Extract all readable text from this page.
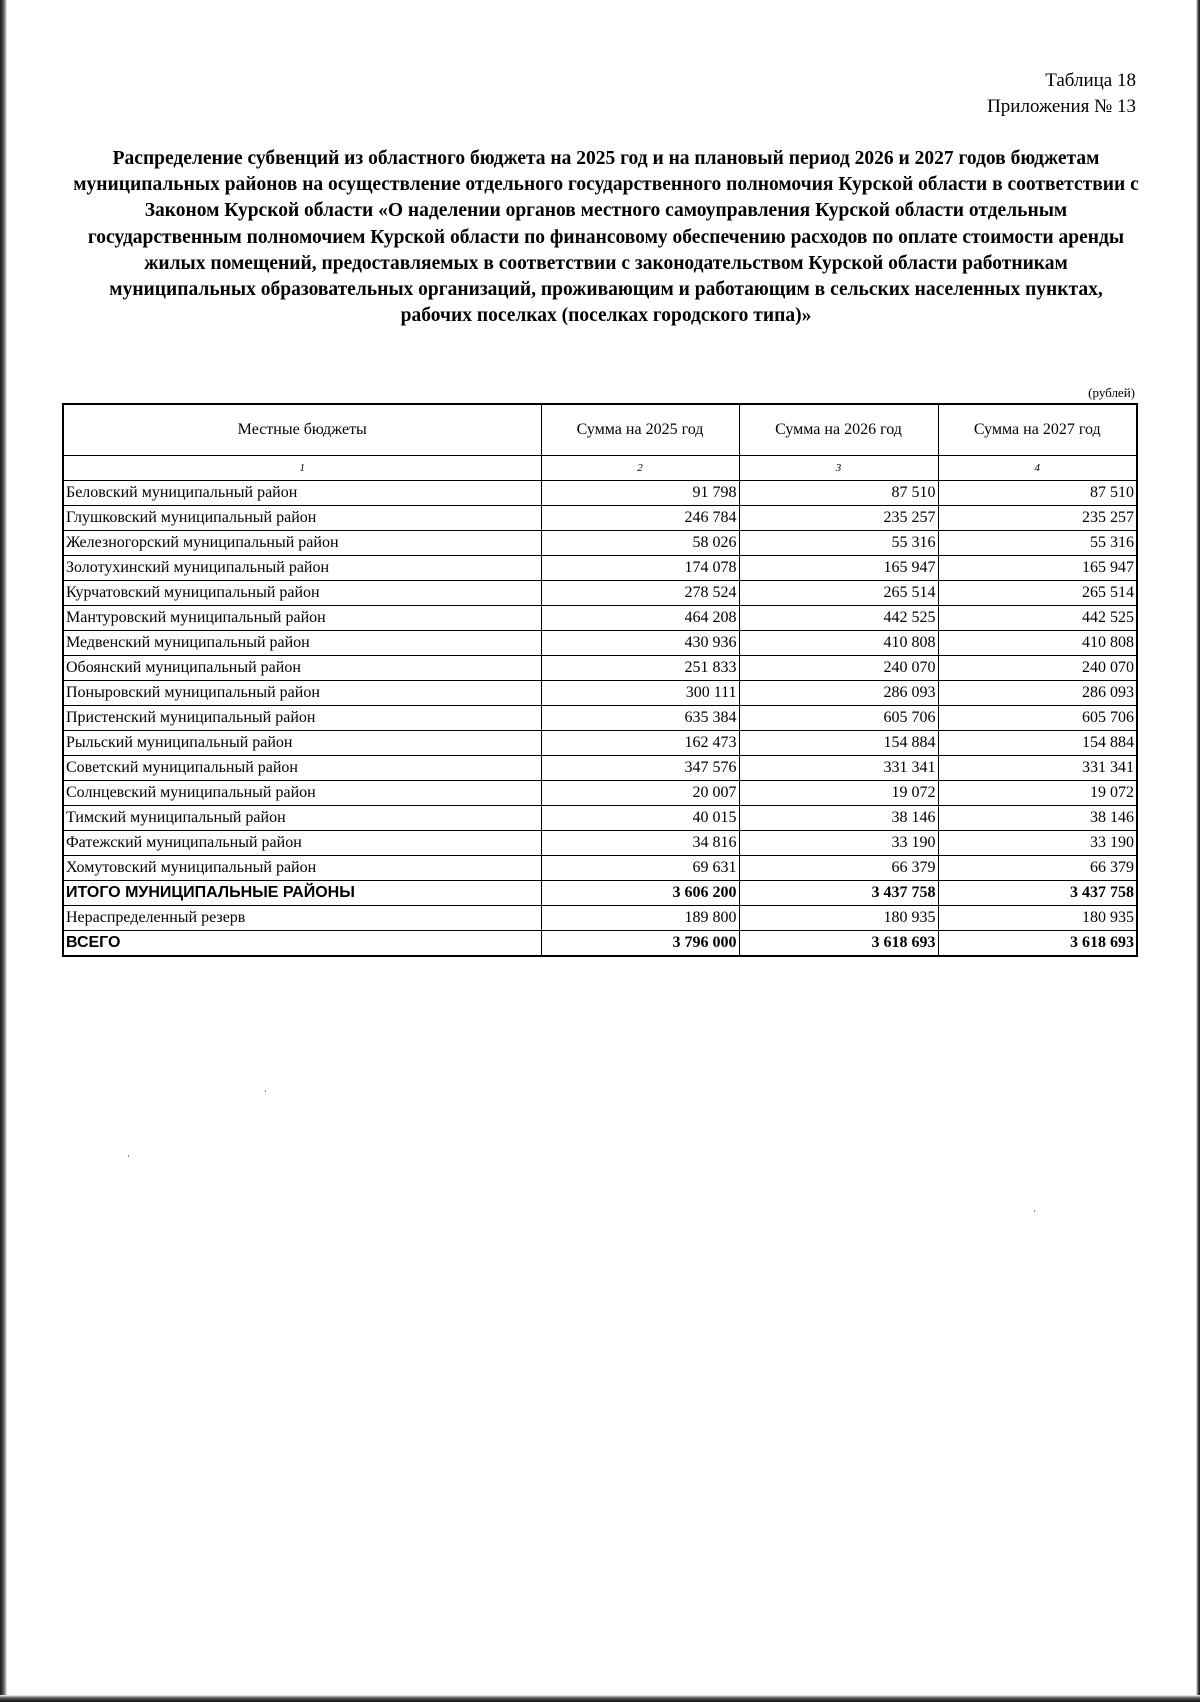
Таблица 18
Приложения № 13
Распределение субвенций из областного бюджета на 2025 год и на плановый период 2026 и 2027 годов бюджетам муниципальных районов на осуществление отдельного государственного полномочия Курской области в соответствии с Законом Курской области «О наделении органов местного самоуправления Курской области отдельным государственным полномочием Курской области по финансовому обеспечению расходов по оплате стоимости аренды жилых помещений, предоставляемых в соответствии с законодательством Курской области работникам муниципальных образовательных организаций, проживающим и работающим в сельских населенных пунктах, рабочих поселках (поселках городского типа)»
(рублей)
Местные бюджеты	Сумма на 2025 год	Сумма на 2026 год	Сумма на 2027 год
1	2	3	4
Беловский муниципальный район	91 798	87 510	87 510
Глушковский муниципальный район	246 784	235 257	235 257
Железногорский муниципальный район	58 026	55 316	55 316
Золотухинский муниципальный район	174 078	165 947	165 947
Курчатовский муниципальный район	278 524	265 514	265 514
Мантуровский муниципальный район	464 208	442 525	442 525
Медвенский муниципальный район	430 936	410 808	410 808
Обоянский муниципальный район	251 833	240 070	240 070
Поныровский муниципальный район	300 111	286 093	286 093
Пристенский муниципальный район	635 384	605 706	605 706
Рыльский муниципальный район	162 473	154 884	154 884
Советский муниципальный район	347 576	331 341	331 341
Солнцевский муниципальный район	20 007	19 072	19 072
Тимский муниципальный район	40 015	38 146	38 146
Фатежский муниципальный район	34 816	33 190	33 190
Хомутовский муниципальный район	69 631	66 379	66 379
ИТОГО МУНИЦИПАЛЬНЫЕ РАЙОНЫ	3 606 200	3 437 758	3 437 758
Нераспределенный резерв	189 800	180 935	180 935
ВСЕГО	3 796 000	3 618 693	3 618 693
